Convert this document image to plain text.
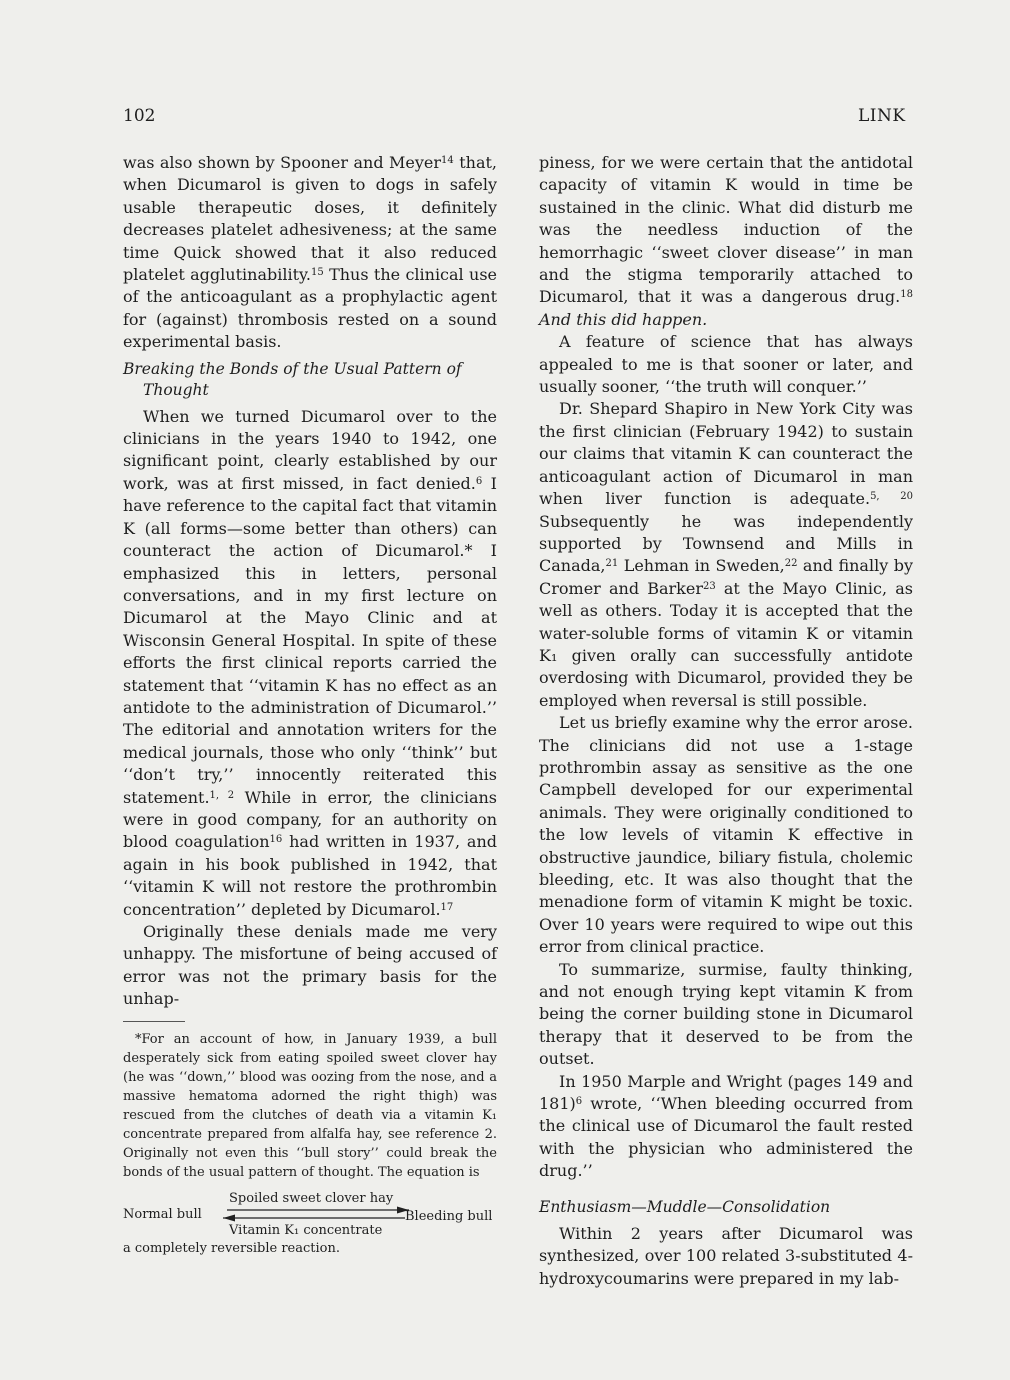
102	LINK

was also shown by Spooner and Meyer$^{14}$ that, when Dicumarol is given to dogs in safely usable therapeutic doses, it definitely decreases platelet adhesiveness; at the same time Quick showed that it also reduced platelet agglutinability.$^{15}$ Thus the clinical use of the anticoagulant as a prophylactic agent for (against) thrombosis rested on a sound experimental basis.

Breaking the Bonds of the Usual Pattern of Thought

When we turned Dicumarol over to the clinicians in the years 1940 to 1942, one significant point, clearly established by our work, was at first missed, in fact denied.$^6$ I have reference to the capital fact that vitamin K (all forms—some better than others) can counteract the action of Dicumarol.* I emphasized this in letters, personal conversations, and in my first lecture on Dicumarol at the Mayo Clinic and at Wisconsin General Hospital. In spite of these efforts the first clinical reports carried the statement that ‘‘vitamin K has no effect as an antidote to the administration of Dicumarol.’’ The editorial and annotation writers for the medical journals, those who only ‘‘think’’ but ‘‘don’t try,’’ innocently reiterated this statement.$^{1, 2}$ While in error, the clinicians were in good company, for an authority on blood coagulation$^{16}$ had written in 1937, and again in his book published in 1942, that ‘‘vitamin K will not restore the prothrombin concentration’’ depleted by Dicumarol.$^{17}$

Originally these denials made me very unhappy. The misfortune of being accused of error was not the primary basis for the unhap-

*For an account of how, in January 1939, a bull desperately sick from eating spoiled sweet clover hay (he was ‘‘down,’’ blood was oozing from the nose, and a massive hematoma adorned the right thigh) was rescued from the clutches of death via a vitamin K₁ concentrate prepared from alfalfa hay, see reference 2. Originally not even this ‘‘bull story’’ could break the bonds of the usual pattern of thought. The equation is

Spoiled sweet clover hay
Normal bull	Bleeding bull
Vitamin K₁ concentrate

a completely reversible reaction.

piness, for we were certain that the antidotal capacity of vitamin K would in time be sustained in the clinic. What did disturb me was the needless induction of the hemorrhagic ‘‘sweet clover disease’’ in man and the stigma temporarily attached to Dicumarol, that it was a dangerous drug.$^{18}$ And this did happen.

A feature of science that has always appealed to me is that sooner or later, and usually sooner, ‘‘the truth will conquer.’’

Dr. Shepard Shapiro in New York City was the first clinician (February 1942) to sustain our claims that vitamin K can counteract the anticoagulant action of Dicumarol in man when liver function is adequate.$^{5, 20}$ Subsequently he was independently supported by Townsend and Mills in Canada,$^{21}$ Lehman in Sweden,$^{22}$ and finally by Cromer and Barker$^{23}$ at the Mayo Clinic, as well as others. Today it is accepted that the water-soluble forms of vitamin K or vitamin K₁ given orally can successfully antidote overdosing with Dicumarol, provided they be employed when reversal is still possible.

Let us briefly examine why the error arose. The clinicians did not use a 1-stage prothrombin assay as sensitive as the one Campbell developed for our experimental animals. They were originally conditioned to the low levels of vitamin K effective in obstructive jaundice, biliary fistula, cholemic bleeding, etc. It was also thought that the menadione form of vitamin K might be toxic. Over 10 years were required to wipe out this error from clinical practice.

To summarize, surmise, faulty thinking, and not enough trying kept vitamin K from being the corner building stone in Dicumarol therapy that it deserved to be from the outset.

In 1950 Marple and Wright (pages 149 and 181)$^6$ wrote, ‘‘When bleeding occurred from the clinical use of Dicumarol the fault rested with the physician who administered the drug.’’

Enthusiasm—Muddle—Consolidation

Within 2 years after Dicumarol was synthesized, over 100 related 3-substituted 4-hydroxycoumarins were prepared in my lab-
